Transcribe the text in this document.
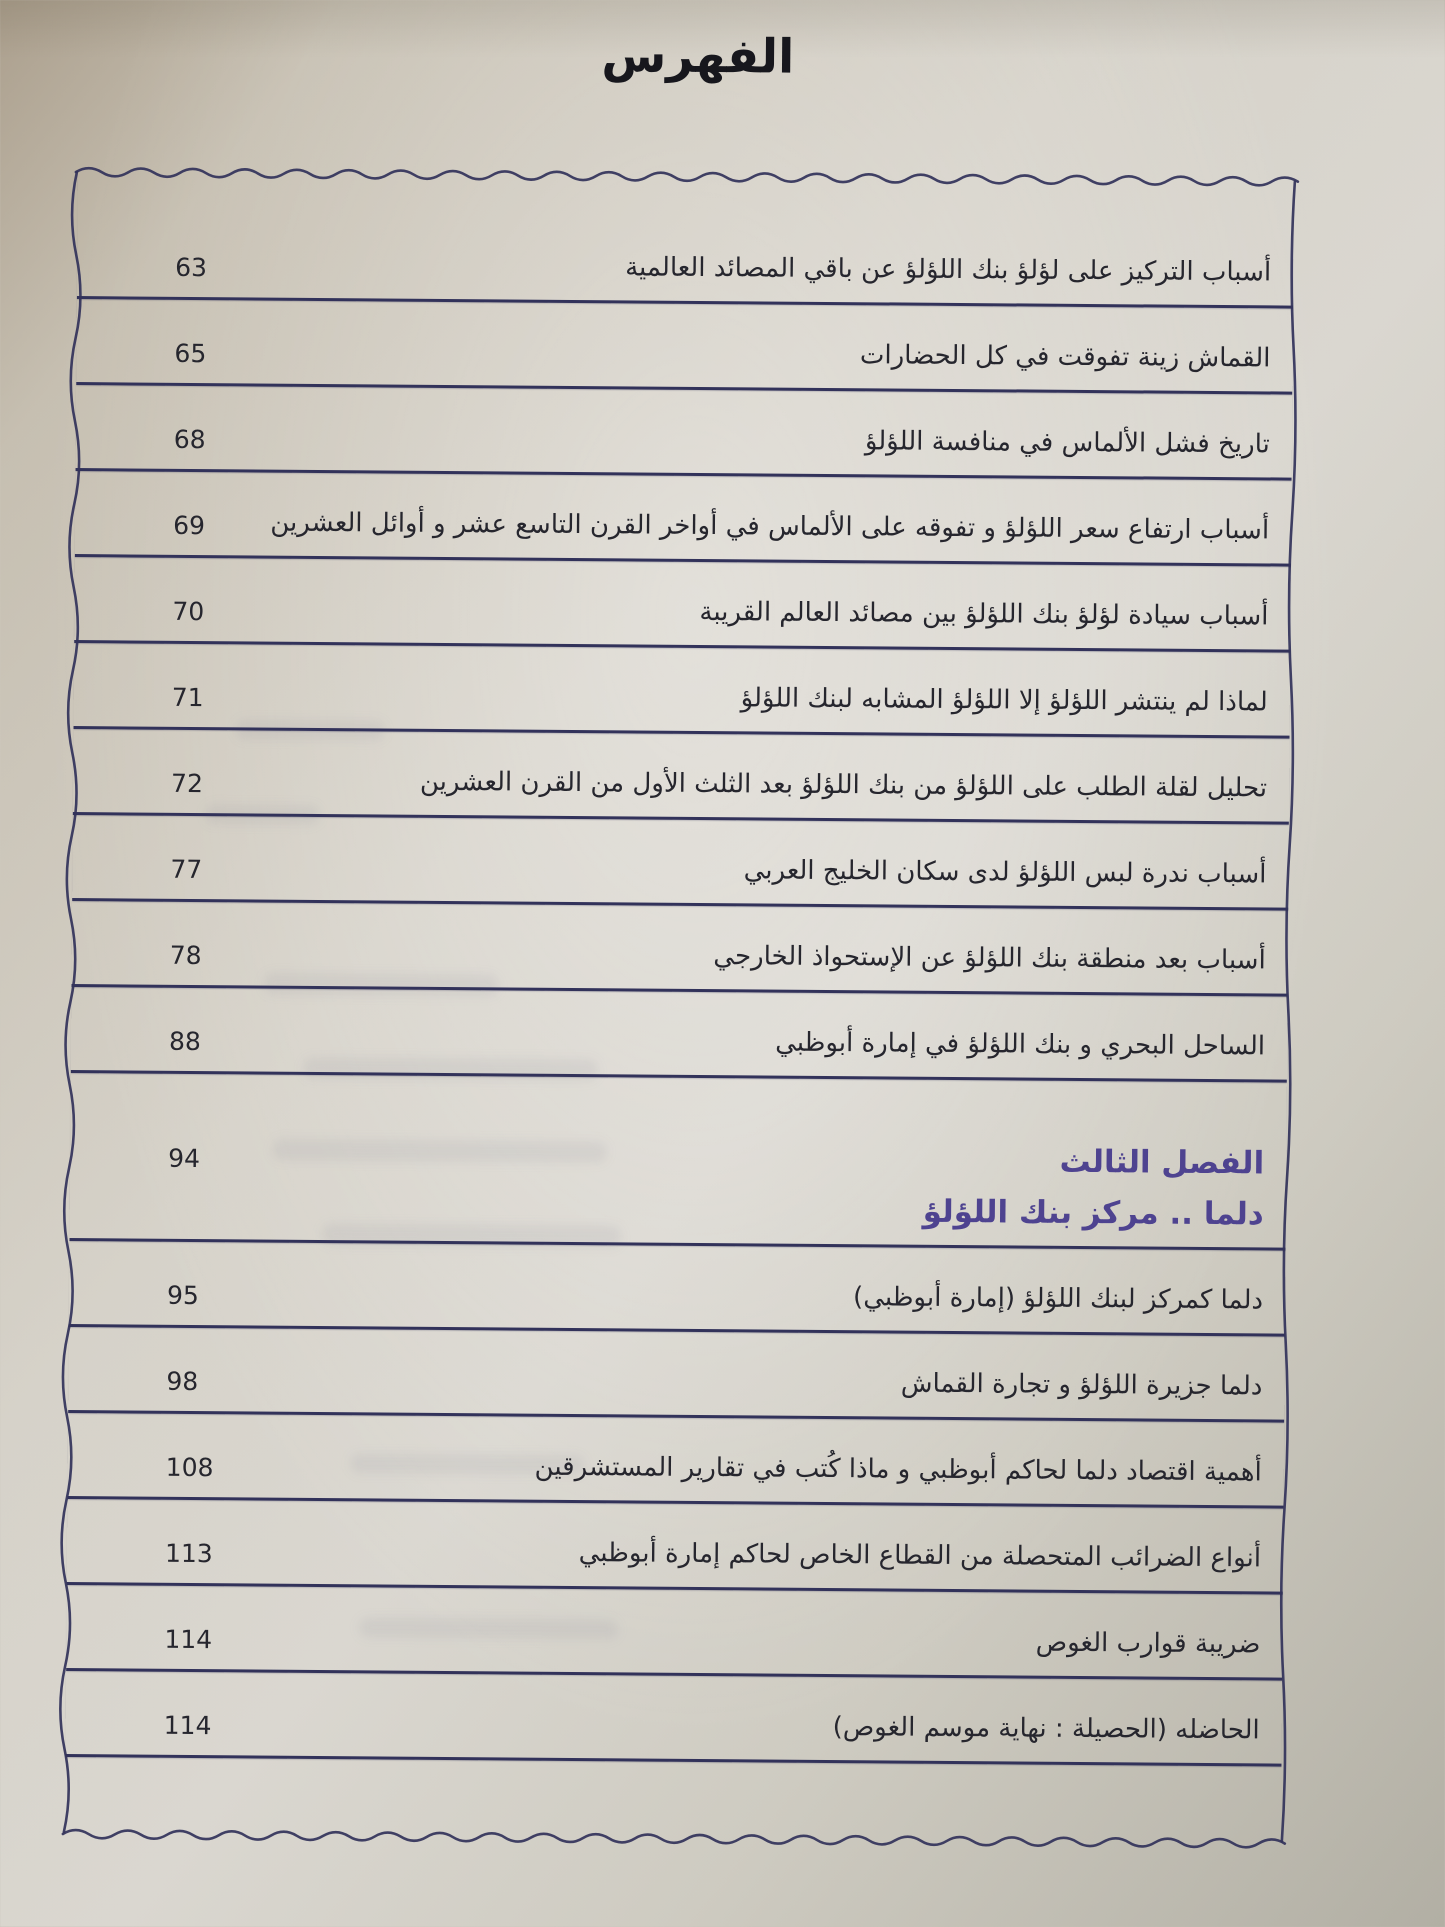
الفهرس
63	أسباب التركيز على لؤلؤ بنك اللؤلؤ عن باقي المصائد العالمية
65	القماش زينة تفوقت في كل الحضارات
68	تاريخ فشل الألماس في منافسة اللؤلؤ
69	أسباب ارتفاع سعر اللؤلؤ و تفوقه على الألماس في أواخر القرن التاسع عشر و أوائل العشرين
70	أسباب سيادة لؤلؤ بنك اللؤلؤ بين مصائد العالم القريبة
71	لماذا لم ينتشر اللؤلؤ إلا اللؤلؤ المشابه لبنك اللؤلؤ
72	تحليل لقلة الطلب على اللؤلؤ من بنك اللؤلؤ بعد الثلث الأول من القرن العشرين
77	أسباب ندرة لبس اللؤلؤ لدى سكان الخليج العربي
78	أسباب بعد منطقة بنك اللؤلؤ عن الإستحواذ الخارجي
88	الساحل البحري و بنك اللؤلؤ في إمارة أبوظبي
94	الفصل الثالث
دلما .. مركز بنك اللؤلؤ
95	دلما كمركز لبنك اللؤلؤ (إمارة أبوظبي)
98	دلما جزيرة اللؤلؤ و تجارة القماش
108	أهمية اقتصاد دلما لحاكم أبوظبي و ماذا كُتب في تقارير المستشرقين
113	أنواع الضرائب المتحصلة من القطاع الخاص لحاكم إمارة أبوظبي
114	ضريبة قوارب الغوص
114	الحاضله (الحصيلة : نهاية موسم الغوص)
